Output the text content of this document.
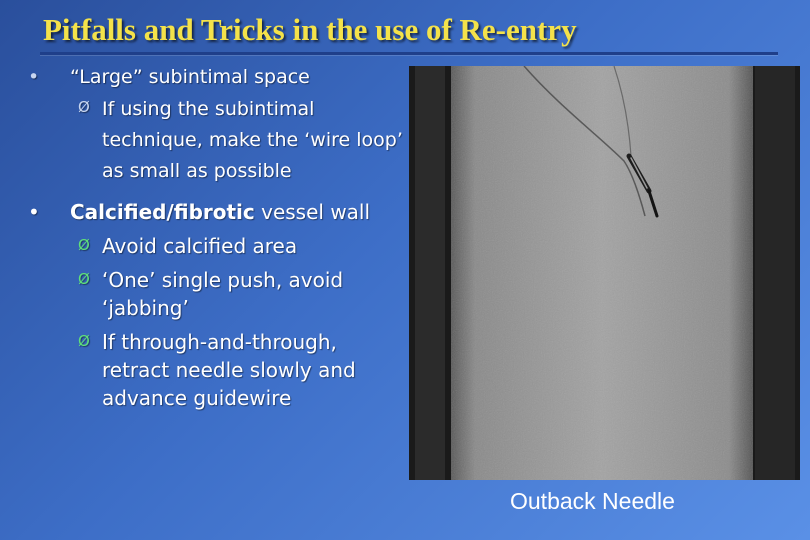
Pitfalls and Tricks in the use of Re-entry
• “Large” subintimal space
Ø If using the subintimal technique, make the ‘wire loop’ as small as possible
• Calcified/fibrotic vessel wall
Ø Avoid calcified area
Ø ‘One’ single push, avoid ‘jabbing’
Ø If through-and-through, retract needle slowly and advance guidewire
Outback Needle
